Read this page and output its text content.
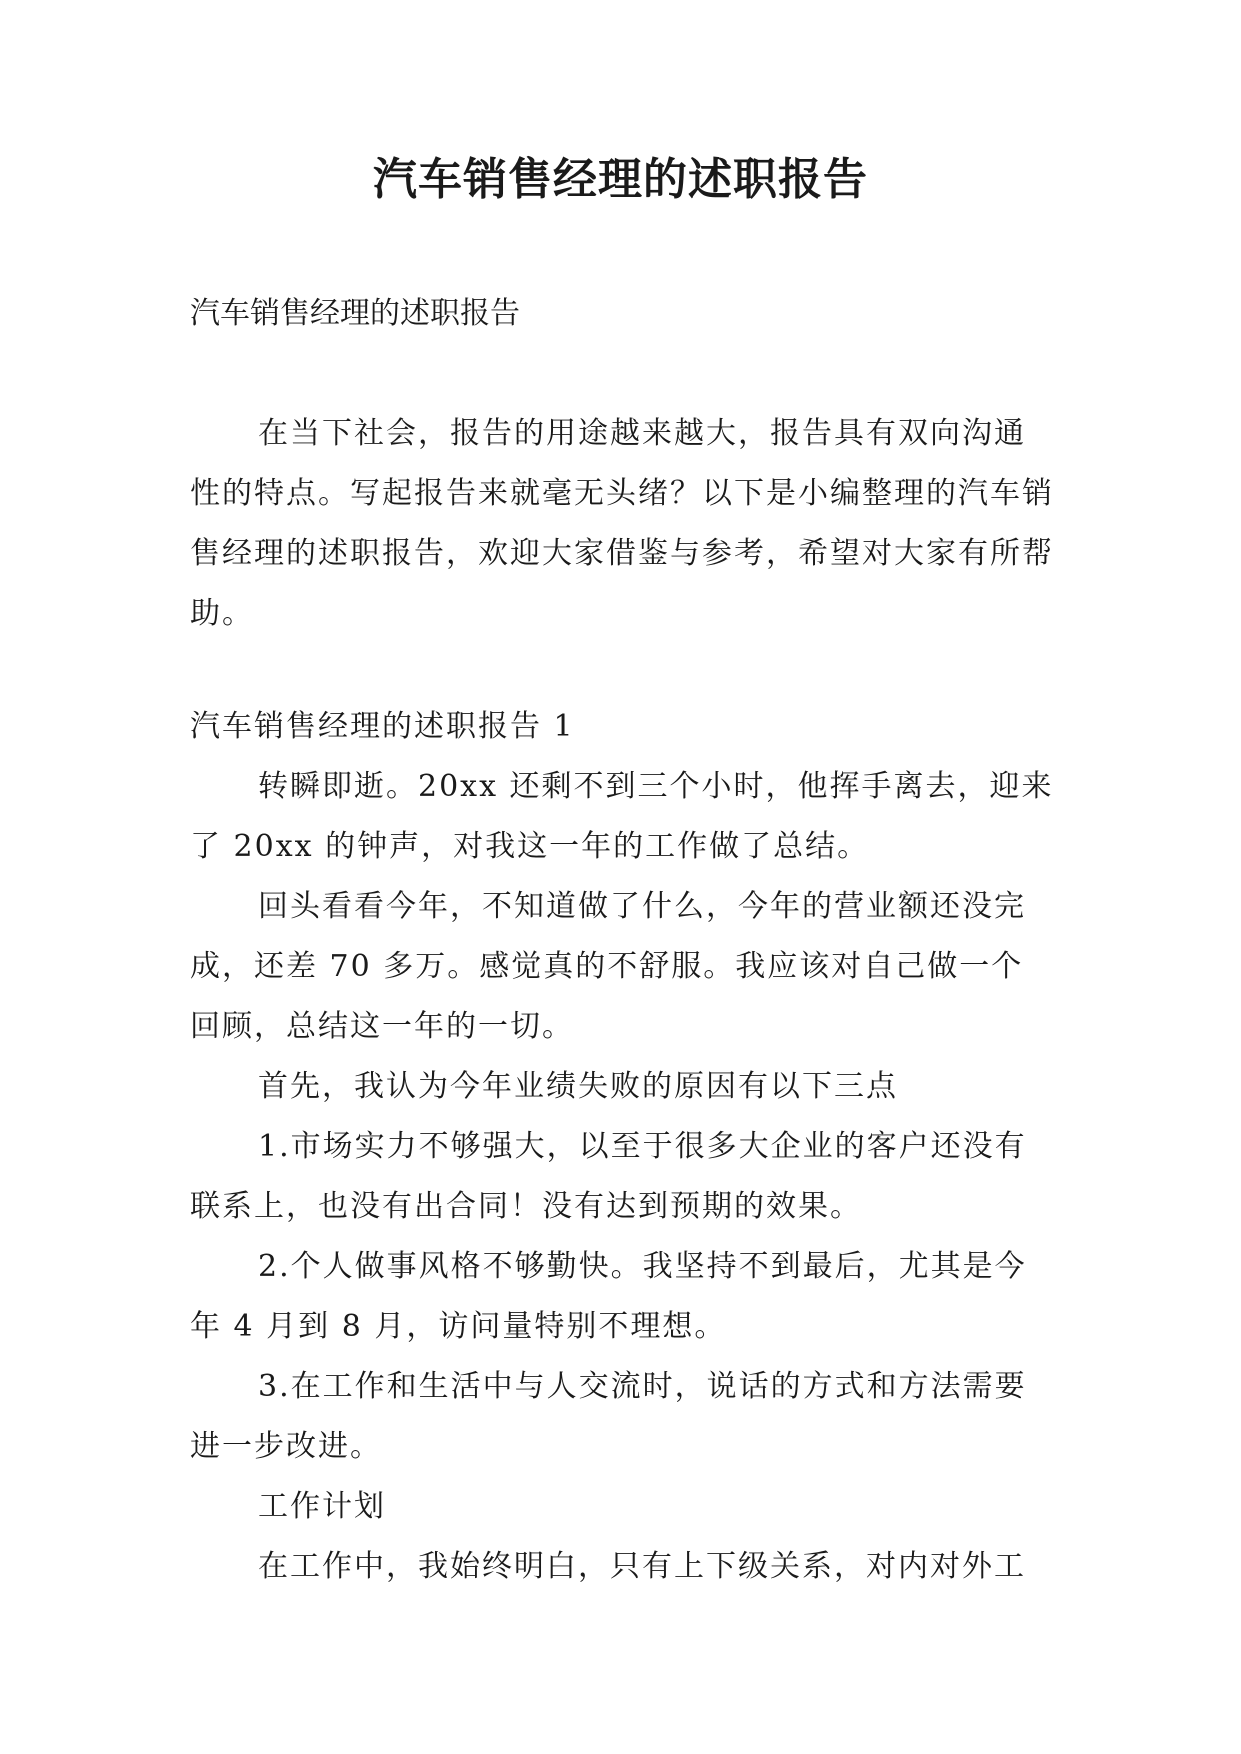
汽车销售经理的述职报告

汽车销售经理的述职报告

在当下社会，报告的用途越来越大，报告具有双向沟通性的特点。写起报告来就毫无头绪？以下是小编整理的汽车销售经理的述职报告，欢迎大家借鉴与参考，希望对大家有所帮助。

汽车销售经理的述职报告 1

转瞬即逝。20xx 还剩不到三个小时，他挥手离去，迎来了 20xx 的钟声，对我这一年的工作做了总结。

回头看看今年，不知道做了什么，今年的营业额还没完成，还差 70 多万。感觉真的不舒服。我应该对自己做一个回顾，总结这一年的一切。

首先，我认为今年业绩失败的原因有以下三点

1.市场实力不够强大，以至于很多大企业的客户还没有联系上，也没有出合同！没有达到预期的效果。

2.个人做事风格不够勤快。我坚持不到最后，尤其是今年 4 月到 8 月，访问量特别不理想。

3.在工作和生活中与人交流时，说话的方式和方法需要进一步改进。

工作计划

在工作中，我始终明白，只有上下级关系，对内对外工
